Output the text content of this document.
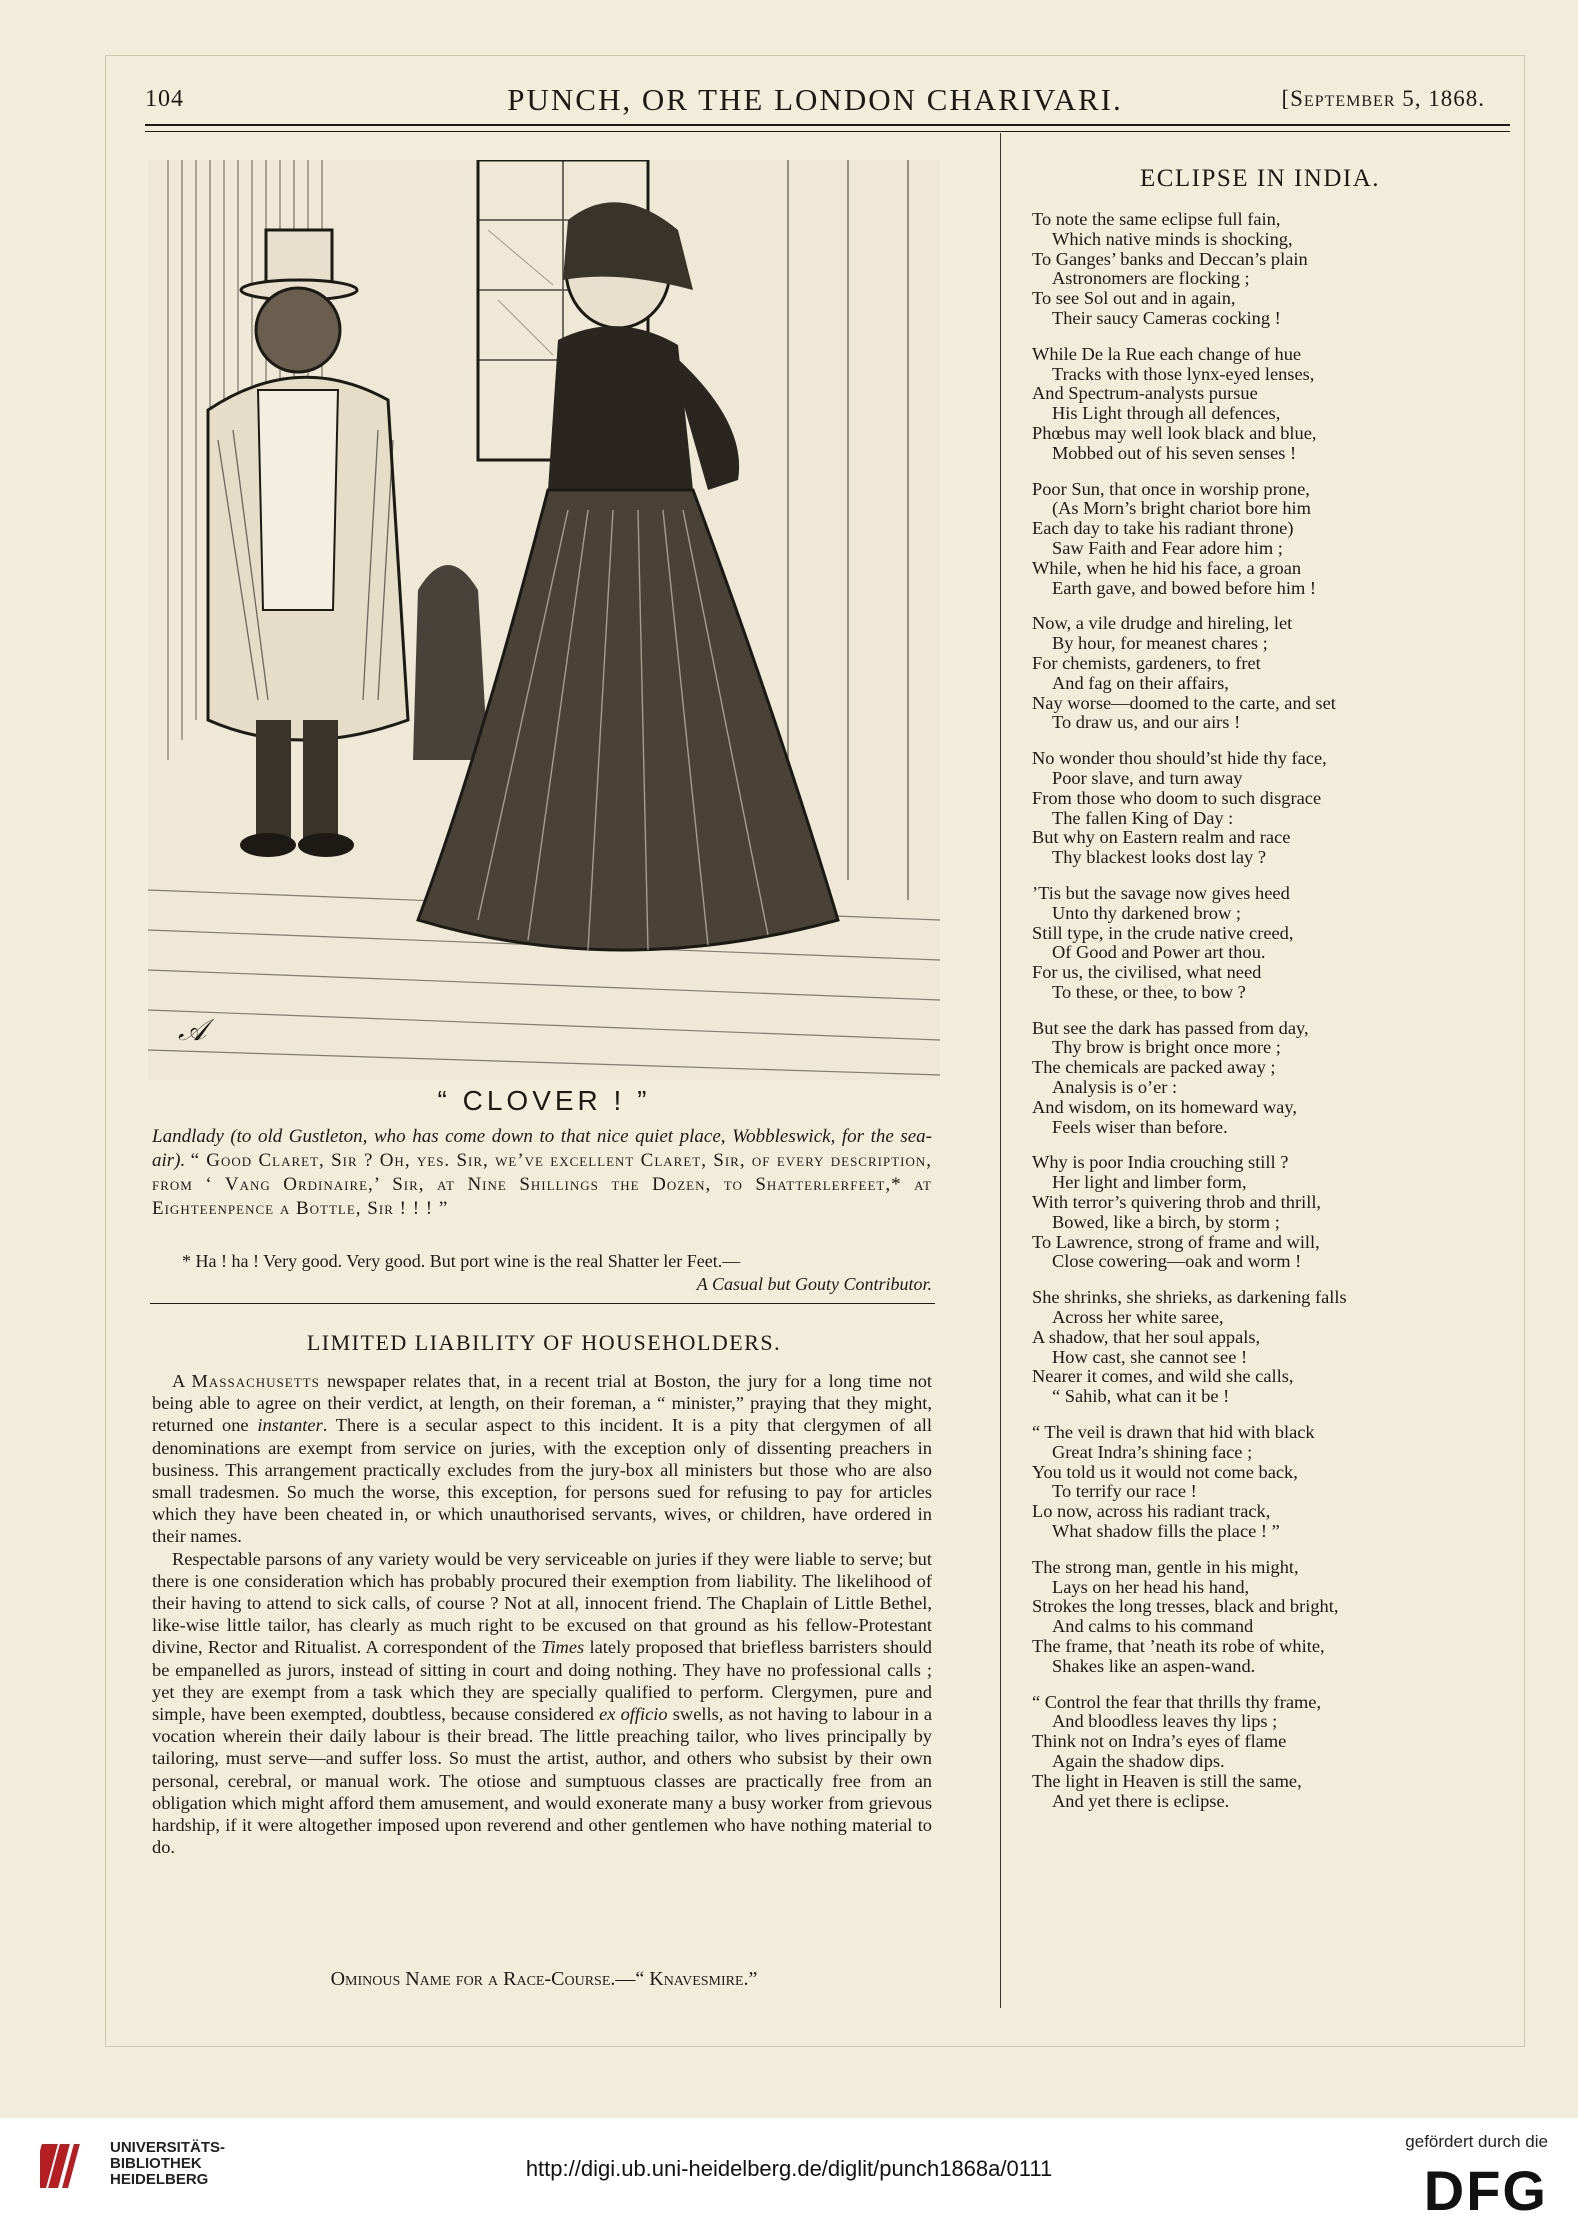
104	PUNCH, OR THE LONDON CHARIVARI.	[September 5, 1868.
𝒜
“ CLOVER ! ”
Landlady (to old Gustleton, who has come down to that nice quiet place, Wobbleswick, for the sea-air). “ Good Claret, Sir ? Oh, yes. Sir, we’ve excellent Claret, Sir, of every description, from ‘ Vang Ordinaire,’ Sir, at Nine Shillings the Dozen, to Shatterlerfeet,* at Eighteenpence a Bottle, Sir ! ! ! ”
* Ha ! ha ! Very good. Very good. But port wine is the real Shatter ler Feet.—
A Casual but Gouty Contributor.
LIMITED LIABILITY OF HOUSEHOLDERS.

A Massachusetts newspaper relates that, in a recent trial at Boston, the jury for a long time not being able to agree on their verdict, at length, on their foreman, a “ minister,” praying that they might, returned one instanter. There is a secular aspect to this incident. It is a pity that clergymen of all denominations are exempt from service on juries, with the exception only of dissenting preachers in business. This arrangement practically excludes from the jury-box all ministers but those who are also small tradesmen. So much the worse, this exception, for persons sued for refusing to pay for articles which they have been cheated in, or which unauthorised servants, wives, or children, have ordered in their names.

Respectable parsons of any variety would be very serviceable on juries if they were liable to serve; but there is one consideration which has probably procured their exemption from liability. The likelihood of their having to attend to sick calls, of course ? Not at all, innocent friend. The Chaplain of Little Bethel, like-wise little tailor, has clearly as much right to be excused on that ground as his fellow-Protestant divine, Rector and Ritualist. A correspondent of the Times lately proposed that briefless barristers should be empanelled as jurors, instead of sitting in court and doing nothing. They have no professional calls ; yet they are exempt from a task which they are specially qualified to perform. Clergymen, pure and simple, have been exempted, doubtless, because considered ex officio swells, as not having to labour in a vocation wherein their daily labour is their bread. The little preaching tailor, who lives principally by tailoring, must serve—and suffer loss. So must the artist, author, and others who subsist by their own personal, cerebral, or manual work. The otiose and sumptuous classes are practically free from an obligation which might afford them amusement, and would exonerate many a busy worker from grievous hardship, if it were altogether imposed upon reverend and other gentlemen who have nothing material to do.

Ominous Name for a Race-Course.—“ Knavesmire.”
ECLIPSE IN INDIA.
To note the same eclipse full fain,
Which native minds is shocking,
To Ganges’ banks and Deccan’s plain
Astronomers are flocking ;
To see Sol out and in again,
Their saucy Cameras cocking !
While De la Rue each change of hue
Tracks with those lynx-eyed lenses,
And Spectrum-analysts pursue
His Light through all defences,
Phœbus may well look black and blue,
Mobbed out of his seven senses !
Poor Sun, that once in worship prone,
(As Morn’s bright chariot bore him
Each day to take his radiant throne)
Saw Faith and Fear adore him ;
While, when he hid his face, a groan
Earth gave, and bowed before him !
Now, a vile drudge and hireling, let
By hour, for meanest chares ;
For chemists, gardeners, to fret
And fag on their affairs,
Nay worse—doomed to the carte, and set
To draw us, and our airs !
No wonder thou should’st hide thy face,
Poor slave, and turn away
From those who doom to such disgrace
The fallen King of Day :
But why on Eastern realm and race
Thy blackest looks dost lay ?
’Tis but the savage now gives heed
Unto thy darkened brow ;
Still type, in the crude native creed,
Of Good and Power art thou.
For us, the civilised, what need
To these, or thee, to bow ?
But see the dark has passed from day,
Thy brow is bright once more ;
The chemicals are packed away ;
Analysis is o’er :
And wisdom, on its homeward way,
Feels wiser than before.
Why is poor India crouching still ?
Her light and limber form,
With terror’s quivering throb and thrill,
Bowed, like a birch, by storm ;
To Lawrence, strong of frame and will,
Close cowering—oak and worm !
She shrinks, she shrieks, as darkening falls
Across her white saree,
A shadow, that her soul appals,
How cast, she cannot see !
Nearer it comes, and wild she calls,
“ Sahib, what can it be !
“ The veil is drawn that hid with black
Great Indra’s shining face ;
You told us it would not come back,
To terrify our race !
Lo now, across his radiant track,
What shadow fills the place ! ”
The strong man, gentle in his might,
Lays on her head his hand,
Strokes the long tresses, black and bright,
And calms to his command
The frame, that ’neath its robe of white,
Shakes like an aspen-wand.
“ Control the fear that thrills thy frame,
And bloodless leaves thy lips ;
Think not on Indra’s eyes of flame
Again the shadow dips.
The light in Heaven is still the same,
And yet there is eclipse.
UNIVERSITÄTS-
BIBLIOTHEK
HEIDELBERG	http://digi.ub.uni-heidelberg.de/diglit/punch1868a/0111
gefördert durch die
DFG
